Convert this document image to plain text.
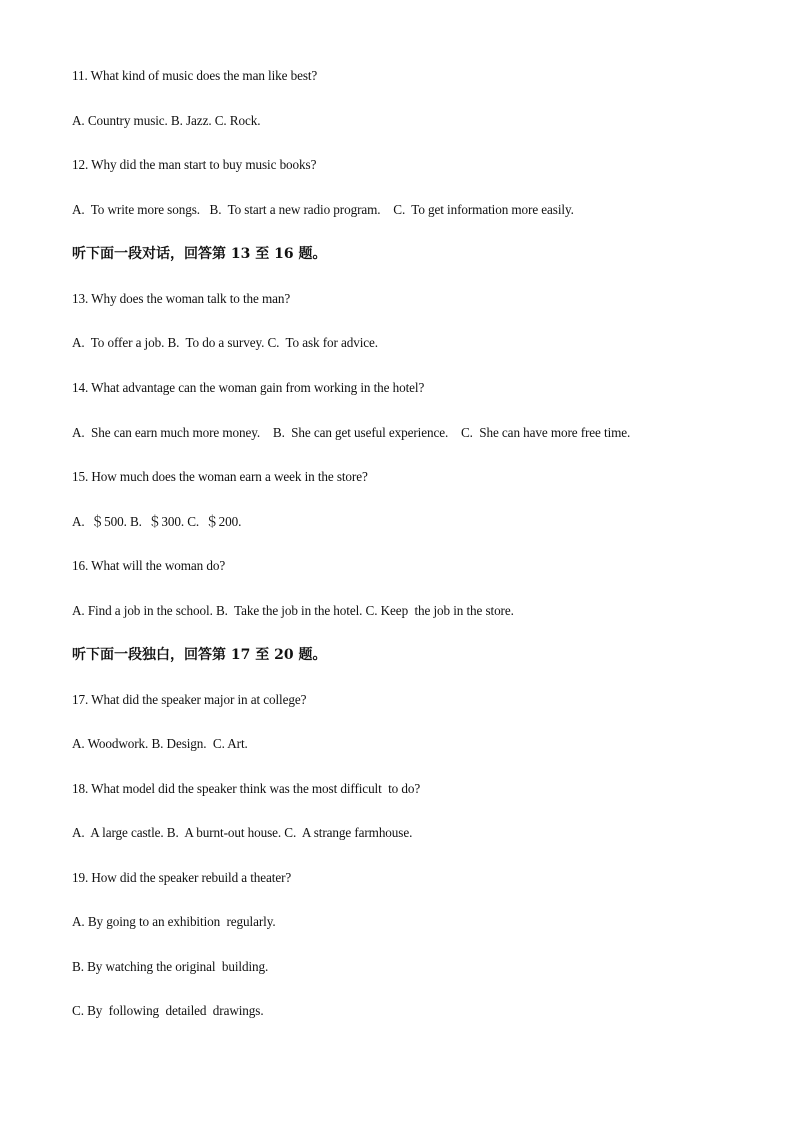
11. What kind of music does the man like best?
A. Country music. B. Jazz. C. Rock.
12. Why did the man start to buy music books?
A.  To write more songs.   B.  To start a new radio program.    C.  To get information more easily.
听下面一段对话，回答第 13 至 16 题。
13. Why does the woman talk to the man?
A.  To offer a job. B.  To do a survey. C.  To ask for advice.
14. What advantage can the woman gain from working in the hotel?
A.  She can earn much more money.    B.  She can get useful experience.    C.  She can have more free time.
15. How much does the woman earn a week in the store?
A.  ＄500. B.  ＄300. C.  ＄200.
16. What will the woman do?
A. Find a job in the school. B.  Take the job in the hotel. C. Keep  the job in the store.
听下面一段独白，回答第 17 至 20 题。
17. What did the speaker major in at college?
A. Woodwork. B. Design.  C. Art.
18. What model did the speaker think was the most difficult  to do?
A.  A large castle. B.  A burnt-out house. C.  A strange farmhouse.
19. How did the speaker rebuild a theater?
A. By going to an exhibition  regularly.
B. By watching the original  building.
C. By  following  detailed  drawings.
